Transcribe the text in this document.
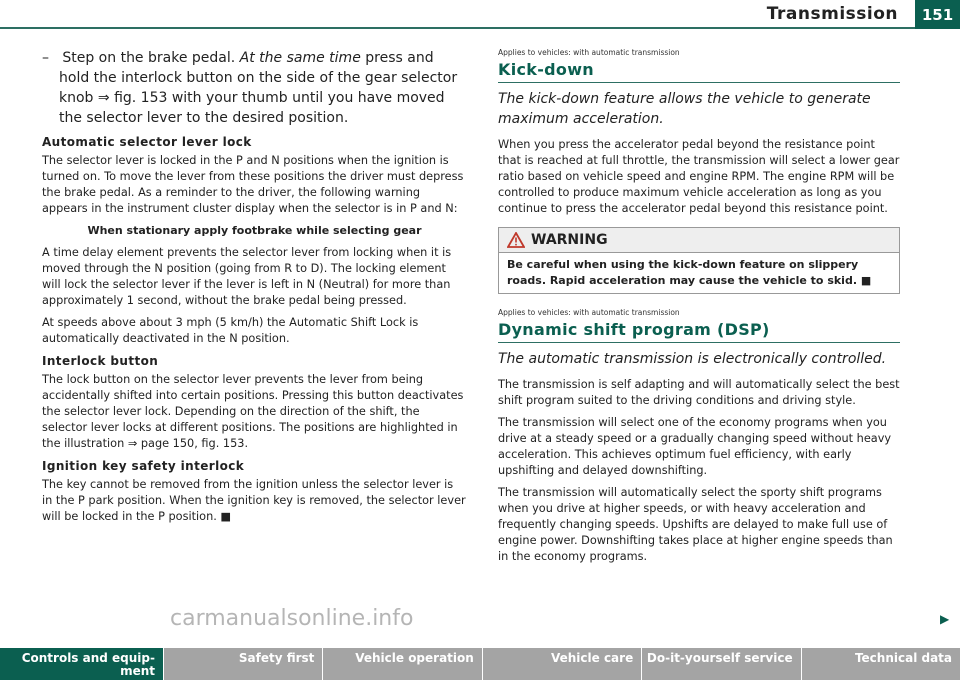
Transmission	151
–   Step on the brake pedal. At the same time press and hold the interlock button on the side of the gear selector knob ⇒ fig. 153 with your thumb until you have moved the selector lever to the desired position.
Automatic selector lever lock

The selector lever is locked in the P and N positions when the ignition is turned on. To move the lever from these positions the driver must depress the brake pedal. As a reminder to the driver, the following warning appears in the instrument cluster display when the selector is in P and N:

When stationary apply footbrake while selecting gear

A time delay element prevents the selector lever from locking when it is moved through the N position (going from R to D). The locking element will lock the selector lever if the lever is left in N (Neutral) for more than approximately 1 second, without the brake pedal being pressed.

At speeds above about 3 mph (5 km/h) the Automatic Shift Lock is automatically deactivated in the N position.

Interlock button

The lock button on the selector lever prevents the lever from being accidentally shifted into certain positions. Pressing this button deactivates the selector lever lock. Depending on the direction of the shift, the selector lever locks at different positions. The positions are highlighted in the illustration ⇒ page 150, fig. 153.

Ignition key safety interlock

The key cannot be removed from the ignition unless the selector lever is in the P park position. When the ignition key is removed, the selector lever will be locked in the P position. ■

Applies to vehicles: with automatic transmission
Kick-down
The kick-down feature allows the vehicle to generate maximum acceleration.

When you press the accelerator pedal beyond the resistance point that is reached at full throttle, the transmission will select a lower gear ratio based on vehicle speed and engine RPM. The engine RPM will be controlled to produce maximum vehicle acceleration as long as you continue to press the accelerator pedal beyond this resistance point.

WARNING
Be careful when using the kick-down feature on slippery roads. Rapid acceleration may cause the vehicle to skid. ■
Applies to vehicles: with automatic transmission
Dynamic shift program (DSP)
The automatic transmission is electronically controlled.

The transmission is self adapting and will automatically select the best shift program suited to the driving conditions and driving style.

The transmission will select one of the economy programs when you drive at a steady speed or a gradually changing speed without heavy acceleration. This achieves optimum fuel efficiency, with early upshifting and delayed downshifting.

The transmission will automatically select the sporty shift programs when you drive at higher speeds, or with heavy acceleration and frequently changing speeds. Upshifts are delayed to make full use of engine power. Downshifting takes place at higher engine speeds than in the economy programs.

▶
Controls and equip-ment
Safety first	Vehicle operation	Vehicle care	Do-it-yourself service	Technical data
carmanualsonline.info
